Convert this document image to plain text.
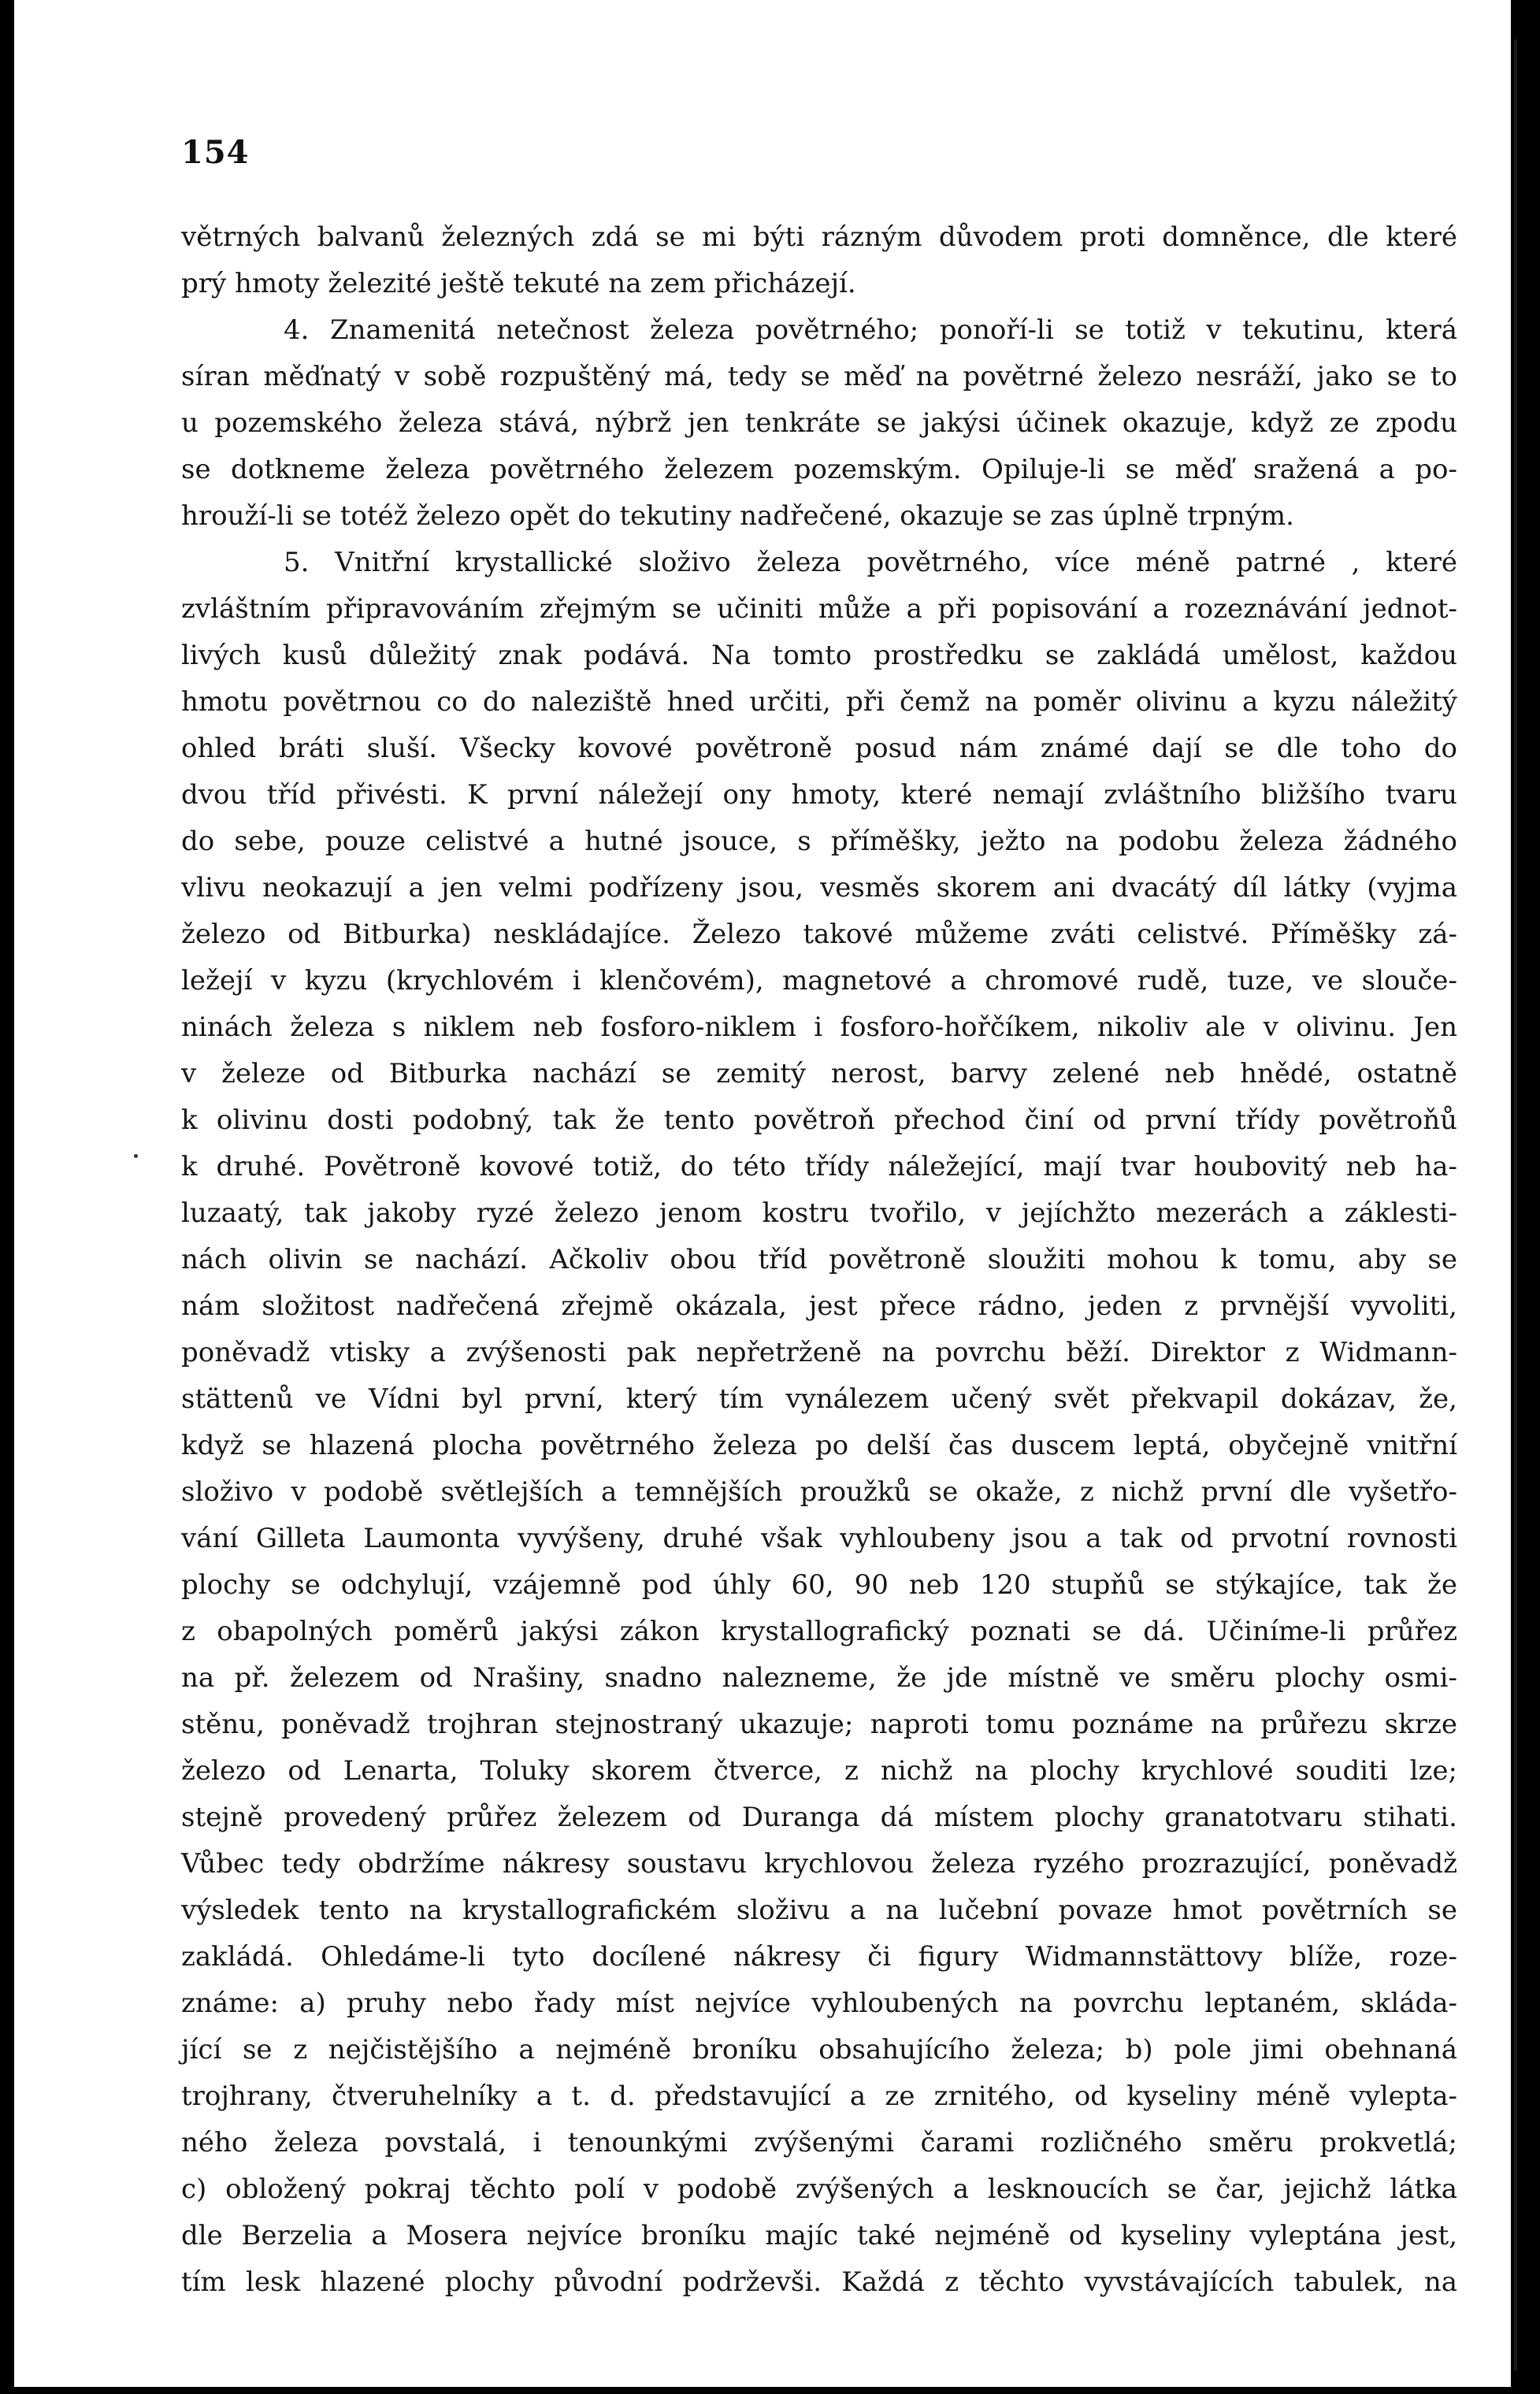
154
větrných balvanů železných zdá se mi býti rázným důvodem proti domněnce, dle které
prý hmoty železité ještě tekuté na zem přicházejí.
4. Znamenitá netečnost železa povětrného; ponoří-li se totiž v tekutinu, která
síran měďnatý v sobě rozpuštěný má, tedy se měď na povětrné železo nesráží, jako se to
u pozemského železa stává, nýbrž jen tenkráte se jakýsi účinek okazuje, když ze zpodu
se dotkneme železa povětrného železem pozemským. Opiluje-li se měď sražená a po-
hrouží-li se totéž železo opět do tekutiny nadřečené, okazuje se zas úplně trpným.
5. Vnitřní krystallické složivo železa povětrného, více méně patrné , které
zvláštním připravováním zřejmým se učiniti může a při popisování a rozeznávání jednot-
livých kusů důležitý znak podává. Na tomto prostředku se zakládá umělost, každou
hmotu povětrnou co do naleziště hned určiti, při čemž na poměr olivinu a kyzu náležitý
ohled bráti sluší. Všecky kovové povětroně posud nám známé dají se dle toho do
dvou tříd přivésti. K první náležejí ony hmoty, které nemají zvláštního bližšího tvaru
do sebe, pouze celistvé a hutné jsouce, s příměšky, ježto na podobu železa žádného
vlivu neokazují a jen velmi podřízeny jsou, vesměs skorem ani dvacátý díl látky (vyjma
železo od Bitburka) neskládajíce. Železo takové můžeme zváti celistvé. Příměšky zá-
ležejí v kyzu (krychlovém i klenčovém), magnetové a chromové rudě, tuze, ve slouče-
ninách železa s niklem neb fosforo-niklem i fosforo-hořčíkem, nikoliv ale v olivinu. Jen
v železe od Bitburka nachází se zemitý nerost, barvy zelené neb hnědé, ostatně
k olivinu dosti podobný, tak že tento povětroň přechod činí od první třídy povětroňů
k druhé. Povětroně kovové totiž, do této třídy náležející, mají tvar houbovitý neb ha-
luzaatý, tak jakoby ryzé železo jenom kostru tvořilo, v jejíchžto mezerách a záklesti-
nách olivin se nachází. Ačkoliv obou tříd povětroně sloužiti mohou k tomu, aby se
nám složitost nadřečená zřejmě okázala, jest přece rádno, jeden z prvnější vyvoliti,
poněvadž vtisky a zvýšenosti pak nepřetrženě na povrchu běží. Direktor z Widmann-
stättenů ve Vídni byl první, který tím vynálezem učený svět překvapil dokázav, že,
když se hlazená plocha povětrného železa po delší čas duscem leptá, obyčejně vnitřní
složivo v podobě světlejších a temnějších proužků se okaže, z nichž první dle vyšetřo-
vání Gilleta Laumonta vyvýšeny, druhé však vyhloubeny jsou a tak od prvotní rovnosti
plochy se odchylují, vzájemně pod úhly 60, 90 neb 120 stupňů se stýkajíce, tak že
z obapolných poměrů jakýsi zákon krystallografický poznati se dá. Učiníme-li průřez
na př. železem od Nrašiny, snadno nalezneme, že jde místně ve směru plochy osmi-
stěnu, poněvadž trojhran stejnostraný ukazuje; naproti tomu poznáme na průřezu skrze
železo od Lenarta, Toluky skorem čtverce, z nichž na plochy krychlové souditi lze;
stejně provedený průřez železem od Duranga dá místem plochy granatotvaru stihati.
Vůbec tedy obdržíme nákresy soustavu krychlovou železa ryzého prozrazující, poněvadž
výsledek tento na krystallografickém složivu a na lučební povaze hmot povětrních se
zakládá. Ohledáme-li tyto docílené nákresy či figury Widmannstättovy blíže, roze-
známe: a) pruhy nebo řady míst nejvíce vyhloubených na povrchu leptaném, skláda-
jící se z nejčistějšího a nejméně broníku obsahujícího železa; b) pole jimi obehnaná
trojhrany, čtveruhelníky a t. d. představující a ze zrnitého, od kyseliny méně vylepta-
ného železa povstalá, i tenounkými zvýšenými čarami rozličného směru prokvetlá;
c) obložený pokraj těchto polí v podobě zvýšených a lesknoucích se čar, jejichž látka
dle Berzelia a Mosera nejvíce broníku majíc také nejméně od kyseliny vyleptána jest,
tím lesk hlazené plochy původní podrževši. Každá z těchto vyvstávajících tabulek, na
